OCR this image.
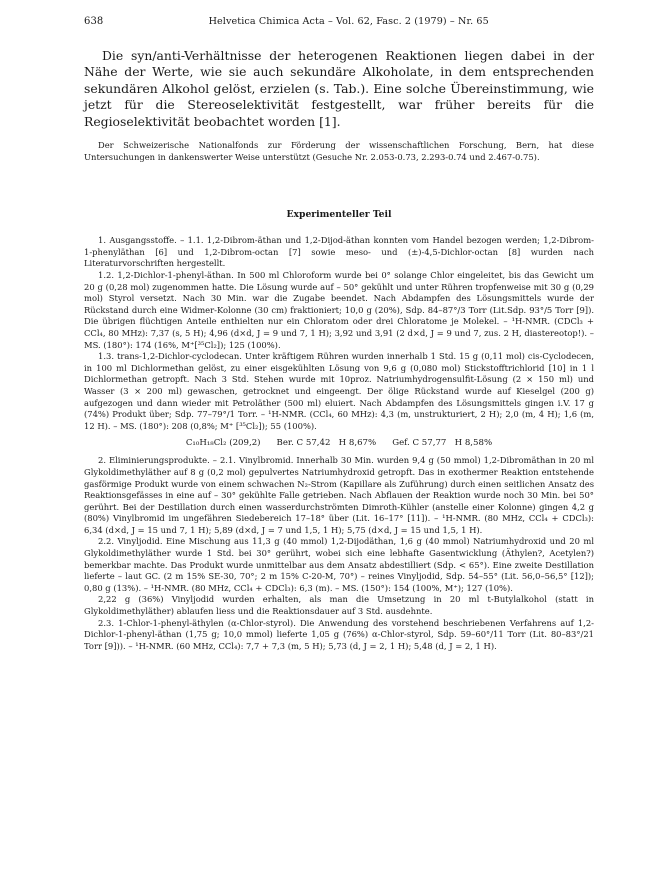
638	Helvetica Chimica Acta – Vol. 62, Fasc. 2 (1979) – Nr. 65

Die syn/anti-Verhältnisse der heterogenen Reaktionen liegen dabei in der Nähe der Werte, wie sie auch sekundäre Alkoholate, in dem entsprechenden sekundären Alkohol gelöst, erzielen (s. Tab.). Eine solche Übereinstimmung, wie jetzt für die Stereoselektivität festgestellt, war früher bereits für die Regioselektivität beobachtet worden [1].

Der Schweizerische Nationalfonds zur Förderung der wissenschaftlichen Forschung, Bern, hat diese Untersuchungen in dankenswerter Weise unterstützt (Gesuche Nr. 2.053-0.73, 2.293-0.74 und 2.467-0.75).

Experimenteller Teil

1. Ausgangsstoffe. – 1.1. 1,2-Dibrom-äthan und 1,2-Dijod-äthan konnten vom Handel bezogen werden; 1,2-Dibrom-1-phenyläthan [6] und 1,2-Dibrom-octan [7] sowie meso- und (±)-4,5-Dichlor-octan [8] wurden nach Literaturvorschriften hergestellt.

1.2. 1,2-Dichlor-1-phenyl-äthan. In 500 ml Chloroform wurde bei 0° solange Chlor eingeleitet, bis das Gewicht um 20 g (0,28 mol) zugenommen hatte. Die Lösung wurde auf – 50° gekühlt und unter Rühren tropfenweise mit 30 g (0,29 mol) Styrol versetzt. Nach 30 Min. war die Zugabe beendet. Nach Abdampfen des Lösungsmittels wurde der Rückstand durch eine Widmer-Kolonne (30 cm) fraktioniert; 10,0 g (20%), Sdp. 84–87°/3 Torr (Lit.Sdp. 93°/5 Torr [9]). Die übrigen flüchtigen Anteile enthielten nur ein Chloratom oder drei Chloratome je Molekel. – ¹H-NMR. (CDCl₃ + CCl₄, 80 MHz): 7,37 (s, 5 H); 4,96 (d×d, J = 9 und 7, 1 H); 3,92 und 3,91 (2 d×d, J = 9 und 7, zus. 2 H, diastereotop!). – MS. (180°): 174 (16%, M⁺[³⁵Cl₂]); 125 (100%).

1.3. trans-1,2-Dichlor-cyclodecan. Unter kräftigem Rühren wurden innerhalb 1 Std. 15 g (0,11 mol) cis-Cyclodecen, in 100 ml Dichlormethan gelöst, zu einer eisgekühlten Lösung von 9,6 g (0,080 mol) Stickstofftrichlorid [10] in 1 l Dichlormethan getropft. Nach 3 Std. Stehen wurde mit 10proz. Natriumhydrogensulfit-Lösung (2 × 150 ml) und Wasser (3 × 200 ml) gewaschen, getrocknet und eingeengt. Der ölige Rückstand wurde auf Kieselgel (200 g) aufgezogen und dann wieder mit Petroläther (500 ml) eluiert. Nach Abdampfen des Lösungsmittels gingen i.V. 17 g (74%) Produkt über; Sdp. 77–79°/1 Torr. – ¹H-NMR. (CCl₄, 60 MHz): 4,3 (m, unstrukturiert, 2 H); 2,0 (m, 4 H); 1,6 (m, 12 H). – MS. (180°): 208 (0,8%; M⁺ [³⁵Cl₂]); 55 (100%).

C₁₀H₁₈Cl₂ (209,2) Ber. C 57,42   H 8,67% Gef. C 57,77   H 8,58%

2. Eliminierungsprodukte. – 2.1. Vinylbromid. Innerhalb 30 Min. wurden 9,4 g (50 mmol) 1,2-Dibromäthan in 20 ml Glykoldimethyläther auf 8 g (0,2 mol) gepulvertes Natriumhydroxid getropft. Das in exothermer Reaktion entstehende gasförmige Produkt wurde von einem schwachen N₂-Strom (Kapillare als Zuführung) durch einen seitlichen Ansatz des Reaktionsgefässes in eine auf – 30° gekühlte Falle getrieben. Nach Abflauen der Reaktion wurde noch 30 Min. bei 50° gerührt. Bei der Destillation durch einen wasserdurchströmten Dimroth-Kühler (anstelle einer Kolonne) gingen 4,2 g (80%) Vinylbromid im ungefähren Siedebereich 17–18° über (Lit. 16–17° [11]). – ¹H-NMR. (80 MHz, CCl₄ + CDCl₃): 6,34 (d×d, J = 15 und 7, 1 H); 5,89 (d×d, J = 7 und 1,5, 1 H); 5,75 (d×d, J = 15 und 1,5, 1 H).

2.2. Vinyljodid. Eine Mischung aus 11,3 g (40 mmol) 1,2-Dijodäthan, 1,6 g (40 mmol) Natriumhydroxid und 20 ml Glykoldimethyläther wurde 1 Std. bei 30° gerührt, wobei sich eine lebhafte Gasentwicklung (Äthylen?, Acetylen?) bemerkbar machte. Das Produkt wurde unmittelbar aus dem Ansatz abdestilliert (Sdp. < 65°). Eine zweite Destillation lieferte – laut GC. (2 m 15% SE-30, 70°; 2 m 15% C-20-M, 70°) – reines Vinyljodid, Sdp. 54–55° (Lit. 56,0–56,5° [12]); 0,80 g (13%). – ¹H-NMR. (80 MHz, CCl₄ + CDCl₃): 6,3 (m). – MS. (150°): 154 (100%, M⁺); 127 (10%).

2,22 g (36%) Vinyljodid wurden erhalten, als man die Umsetzung in 20 ml t-Butylalkohol (statt in Glykoldimethyläther) ablaufen liess und die Reaktionsdauer auf 3 Std. ausdehnte.

2.3. 1-Chlor-1-phenyl-äthylen (α-Chlor-styrol). Die Anwendung des vorstehend beschriebenen Verfahrens auf 1,2-Dichlor-1-phenyl-äthan (1,75 g; 10,0 mmol) lieferte 1,05 g (76%) α-Chlor-styrol, Sdp. 59–60°/11 Torr (Lit. 80–83°/21 Torr [9])). – ¹H-NMR. (60 MHz, CCl₄): 7,7 + 7,3 (m, 5 H); 5,73 (d, J = 2, 1 H); 5,48 (d, J = 2, 1 H).
